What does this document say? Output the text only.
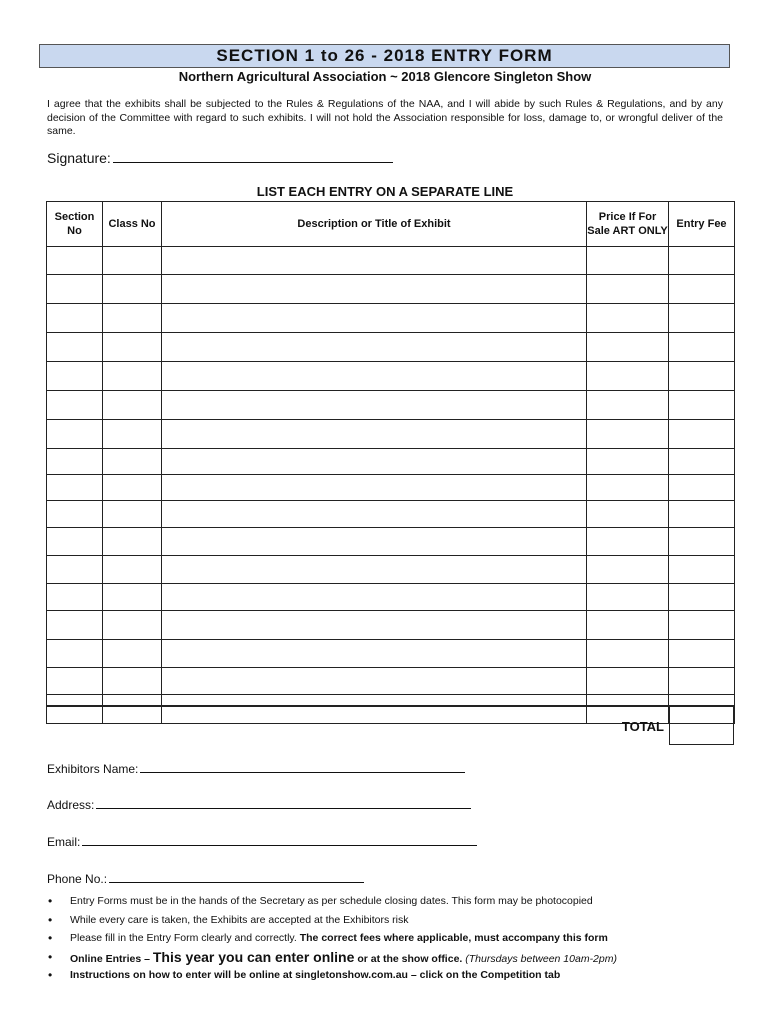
SECTION 1 to 26 - 2018 ENTRY FORM
Northern Agricultural Association ~ 2018 Glencore Singleton Show
I agree that the exhibits shall be subjected to the Rules & Regulations of the NAA, and I will abide by such Rules & Regulations, and by any decision of the Committee with regard to such exhibits. I will not hold the Association responsible for loss, damage to, or wrongful deliver of the same.
Signature:
LIST EACH ENTRY ON A SEPARATE LINE
Section No	Class No	Description or Title of Exhibit	Price If For Sale ART ONLY	Entry Fee

TOTAL
Exhibitors Name:
Address:
Email:
Phone No.:
• Entry Forms must be in the hands of the Secretary as per schedule closing dates. This form may be photocopied
• While every care is taken, the Exhibits are accepted at the Exhibitors risk
• Please fill in the Entry Form clearly and correctly. The correct fees where applicable, must accompany this form
• Online Entries – This year you can enter online or at the show office. (Thursdays between 10am-2pm)
• Instructions on how to enter will be online at singletonshow.com.au – click on the Competition tab
